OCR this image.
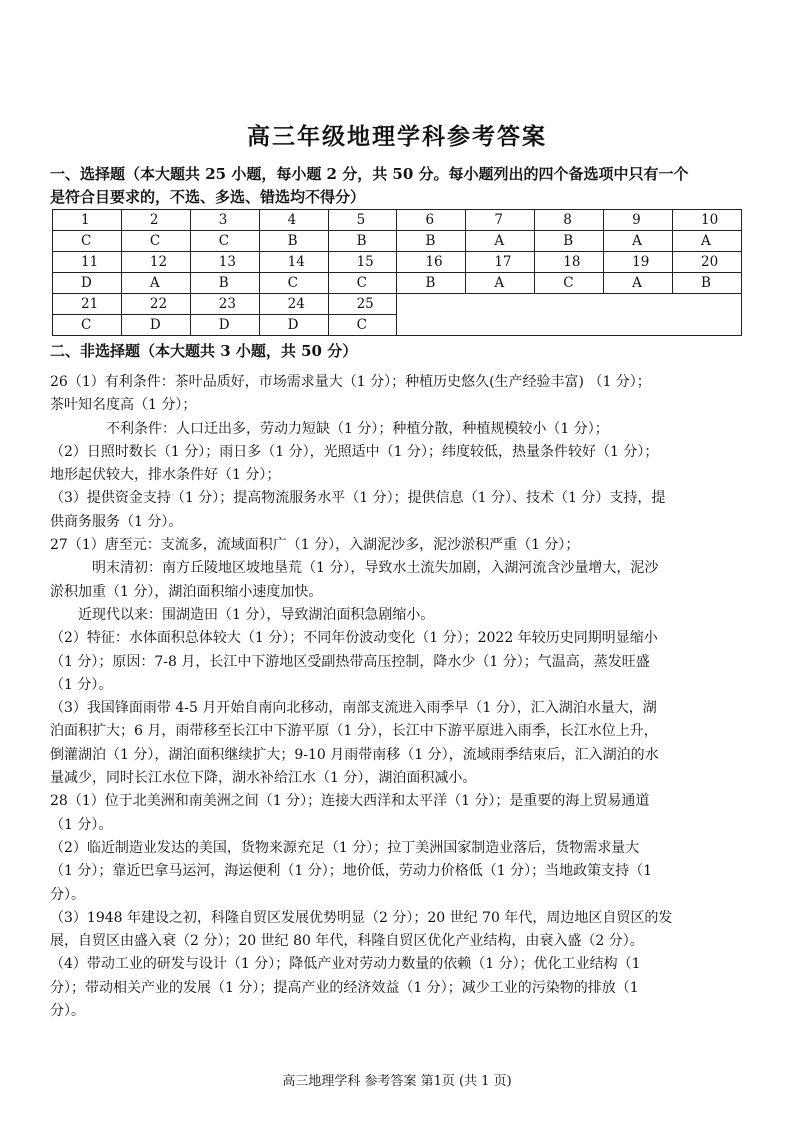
高三年级地理学科参考答案

一、选择题（本大题共 25 小题，每小题 2 分，共 50 分。每小题列出的四个备选项中只有一个

是符合目要求的，不选、多选、错选均不得分）

1	2	3	4	5	6	7	8	9	10
C	C	C	B	B	B	A	B	A	A
11	12	13	14	15	16	17	18	19	20
D	A	B	C	C	B	A	C	A	B
21	22	23	24	25					
C	D	D	D	C					

二、非选择题（本大题共 3 小题，共 50 分）

26（1）有利条件：茶叶品质好，市场需求量大（1 分）；种植历史悠久(生产经验丰富) （1 分）；

茶叶知名度高（1 分）；

不利条件：人口迁出多，劳动力短缺（1 分）；种植分散，种植规模较小（1 分）；

（2）日照时数长（1 分）；雨日多（1 分），光照适中（1 分）；纬度较低，热量条件较好（1 分）；

地形起伏较大，排水条件好（1 分）；

（3）提供资金支持（1 分）；提高物流服务水平（1 分）；提供信息（1 分）、技术（1 分）支持，提

供商务服务（1 分）。

27（1）唐至元：支流多，流域面积广（1 分），入湖泥沙多，泥沙淤积严重（1 分）；

明末清初：南方丘陵地区坡地垦荒（1 分），导致水土流失加剧，入湖河流含沙量增大，泥沙

淤积加重（1 分），湖泊面积缩小速度加快。

近现代以来：围湖造田（1 分），导致湖泊面积急剧缩小。

（2）特征：水体面积总体较大（1 分）；不同年份波动变化（1 分）；2022 年较历史同期明显缩小

（1 分）；原因：7-8 月，长江中下游地区受副热带高压控制，降水少（1 分）；气温高，蒸发旺盛

（1 分）。

（3）我国锋面雨带 4-5 月开始自南向北移动，南部支流进入雨季早（1 分），汇入湖泊水量大，湖

泊面积扩大；6 月，雨带移至长江中下游平原（1 分），长江中下游平原进入雨季，长江水位上升，

倒灌湖泊（1 分），湖泊面积继续扩大；9-10 月雨带南移（1 分），流域雨季结束后，汇入湖泊的水

量减少，同时长江水位下降，湖水补给江水（1 分），湖泊面积减小。

28（1）位于北美洲和南美洲之间（1 分）；连接大西洋和太平洋（1 分）；是重要的海上贸易通道

（1 分）。

（2）临近制造业发达的美国，货物来源充足（1 分）；拉丁美洲国家制造业落后，货物需求量大

（1 分）；靠近巴拿马运河，海运便利（1 分）；地价低，劳动力价格低（1 分）；当地政策支持（1

分）。

（3）1948 年建设之初，科隆自贸区发展优势明显（2 分）；20 世纪 70 年代，周边地区自贸区的发

展，自贸区由盛入衰（2 分）；20 世纪 80 年代，科隆自贸区优化产业结构，由衰入盛（2 分）。

（4）带动工业的研发与设计（1 分）；降低产业对劳动力数量的依赖（1 分）；优化工业结构（1

分）；带动相关产业的发展（1 分）；提高产业的经济效益（1 分）；减少工业的污染物的排放（1

分）。

高三地理学科 参考答案 第1页 (共 1 页)
